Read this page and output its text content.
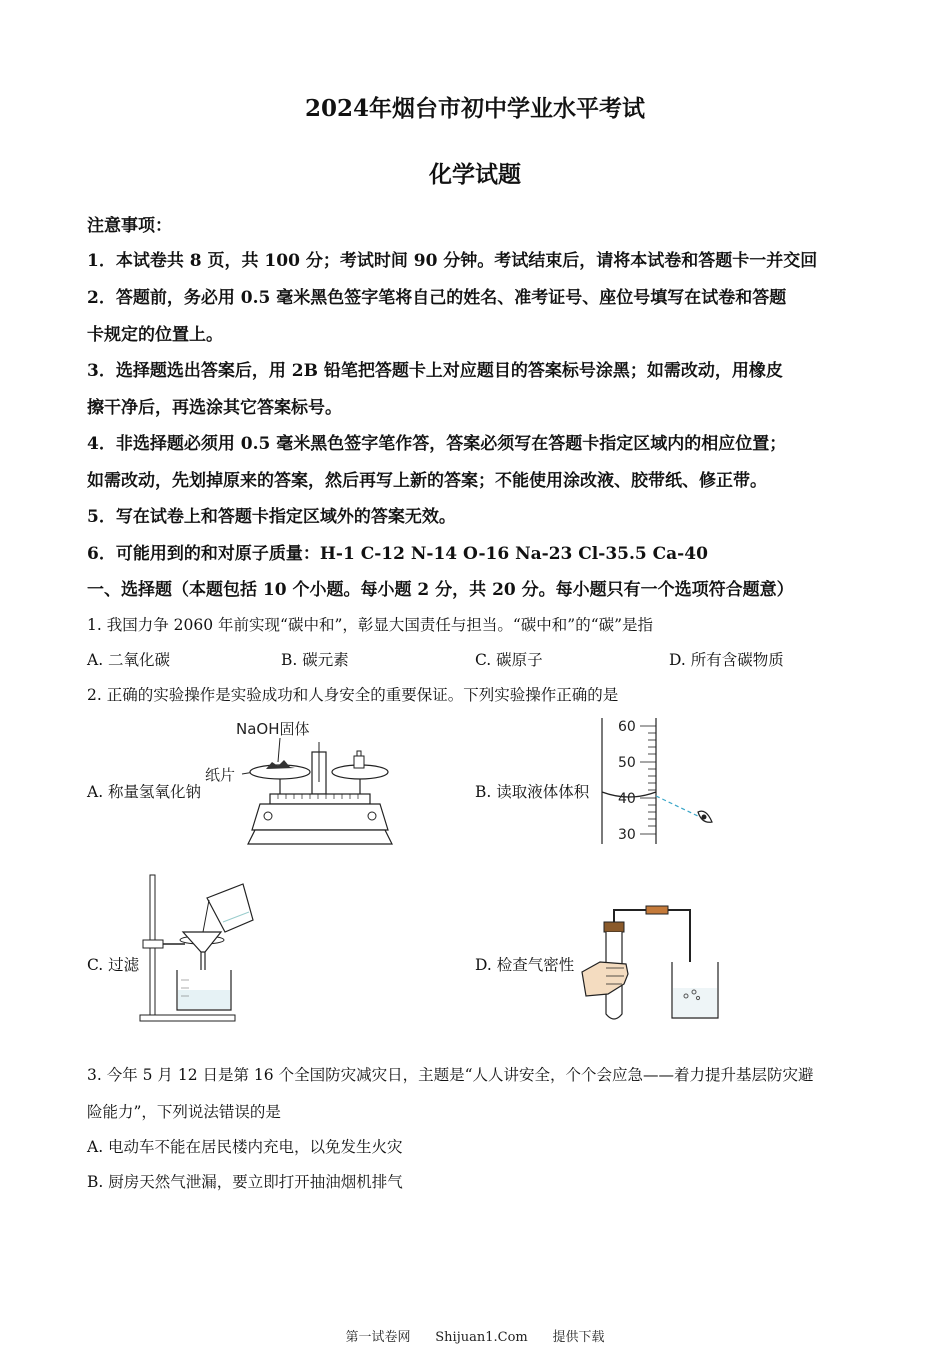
2024年烟台市初中学业水平考试
化学试题
注意事项：
1．本试卷共 8 页，共 100 分；考试时间 90 分钟。考试结束后，请将本试卷和答题卡一并交回
2．答题前，务必用 0.5 毫米黑色签字笔将自己的姓名、准考证号、座位号填写在试卷和答题
卡规定的位置上。
3．选择题选出答案后，用 2B 铅笔把答题卡上对应题目的答案标号涂黑；如需改动，用橡皮
擦干净后，再选涂其它答案标号。
4．非选择题必须用 0.5 毫米黑色签字笔作答，答案必须写在答题卡指定区域内的相应位置；
如需改动，先划掉原来的答案，然后再写上新的答案；不能使用涂改液、胶带纸、修正带。
5．写在试卷上和答题卡指定区域外的答案无效。
6．可能用到的和对原子质量：H-1 C-12 N-14 O-16 Na-23 Cl-35.5 Ca-40
一、选择题（本题包括 10 个小题。每小题 2 分，共 20 分。每小题只有一个选项符合题意）
1. 我国力争 2060 年前实现“碳中和”，彰显大国责任与担当。“碳中和”的“碳”是指
A. 二氧化碳	B. 碳元素	C. 碳原子	D. 所有含碳物质
2. 正确的实验操作是实验成功和人身安全的重要保证。下列实验操作正确的是
A. 称量氢氧化钠	B. 读取液体体积
C. 过滤	D. 检查气密性
NaOH固体
纸片
60
50
40
30
3. 今年 5 月 12 日是第 16 个全国防灾减灾日，主题是“人人讲安全，个个会应急——着力提升基层防灾避
险能力”，下列说法错误的是
A. 电动车不能在居民楼内充电，以免发生火灾
B. 厨房天然气泄漏，要立即打开抽油烟机排气
第一试卷网 Shijuan1.Com 提供下载
